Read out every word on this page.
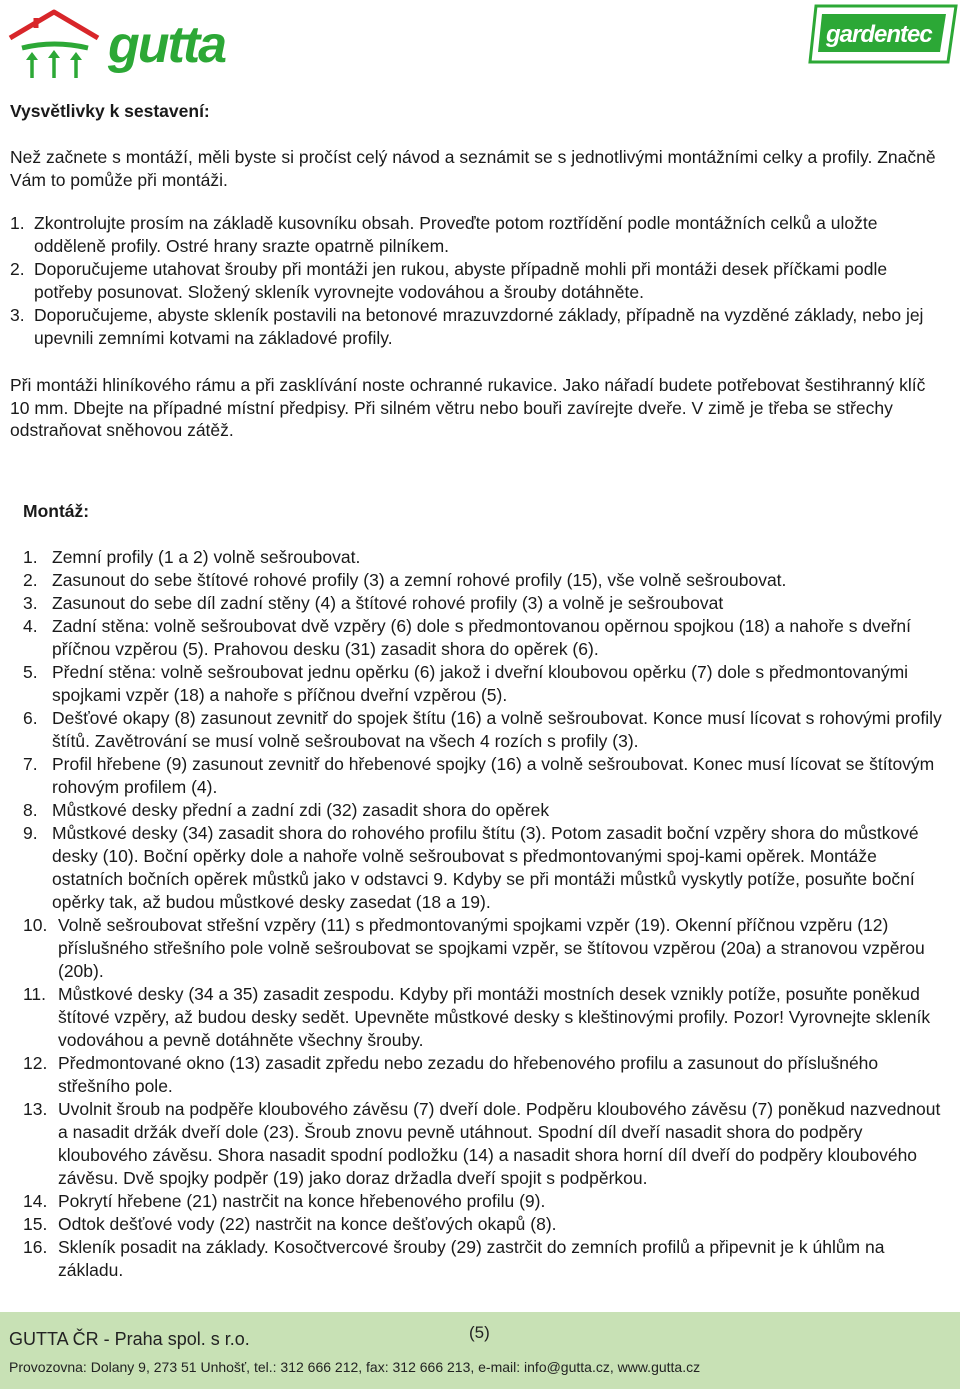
gutta	gardentec
Vysvětlivky k sestavení:
Než začnete s montáží, měli byste si pročíst celý návod a seznámit se s jednotlivými montážními celky a profily. Značně Vám to pomůže při montáži.
1. Zkontrolujte prosím na základě kusovníku obsah. Proveďte potom roztřídění podle montážních celků a uložte odděleně profily. Ostré hrany srazte opatrně pilníkem.
2. Doporučujeme utahovat šrouby při montáži jen rukou, abyste případně mohli při montáži desek příčkami podle potřeby posunovat. Složený skleník vyrovnejte vodováhou a šrouby dotáhněte.
3. Doporučujeme, abyste skleník postavili na betonové mrazuvzdorné základy, případně na vyzděné základy, nebo jej upevnili zemními kotvami na základové profily.
Při montáži hliníkového rámu a při zasklívání noste ochranné rukavice. Jako nářadí budete potřebovat šestihranný klíč 10 mm. Dbejte na případné místní předpisy. Při silném větru nebo bouři zavírejte dveře. V zimě je třeba se střechy odstraňovat sněhovou zátěž.
Montáž:
1. Zemní profily (1 a 2) volně sešroubovat.
2. Zasunout do sebe štítové rohové profily (3) a zemní rohové profily (15), vše volně sešroubovat.
3. Zasunout do sebe díl zadní stěny (4) a štítové rohové profily (3) a volně je sešroubovat
4. Zadní stěna: volně sešroubovat dvě vzpěry (6) dole s předmontovanou opěrnou spojkou (18) a nahoře s dveřní příčnou vzpěrou (5). Prahovou desku (31) zasadit shora do opěrek (6).
5. Přední stěna: volně sešroubovat jednu opěrku (6) jakož i dveřní kloubovou opěrku (7) dole s předmontovanými spojkami vzpěr (18) a nahoře s příčnou dveřní vzpěrou (5).
6. Dešťové okapy (8) zasunout zevnitř do spojek štítu (16) a volně sešroubovat. Konce musí lícovat s rohovými profily štítů. Zavětrování se musí volně sešroubovat na všech 4 rozích s profily (3).
7. Profil hřebene (9) zasunout zevnitř do hřebenové spojky (16) a volně sešroubovat. Konec musí lícovat se štítovým rohovým profilem (4).
8. Můstkové desky přední a zadní zdi (32) zasadit shora do opěrek
9. Můstkové desky (34) zasadit shora do rohového profilu štítu (3). Potom zasadit boční vzpěry shora do můstkové desky (10). Boční opěrky dole a nahoře volně sešroubovat s předmontovanými spoj-kami opěrek. Montáže ostatních bočních opěrek můstků jako v odstavci 9. Kdyby se při montáži můstků vyskytly potíže, posuňte boční opěrky tak, až budou můstkové desky zasedat (18 a 19).
10. Volně sešroubovat střešní vzpěry (11) s předmontovanými spojkami vzpěr (19). Okenní příčnou vzpěru (12) příslušného střešního pole volně sešroubovat se spojkami vzpěr, se štítovou vzpěrou (20a) a stranovou vzpěrou (20b).
11. Můstkové desky (34 a 35) zasadit zespodu. Kdyby při montáži mostních desek vznikly potíže, posuňte poněkud štítové vzpěry, až budou desky sedět. Upevněte můstkové desky s kleštinovými profily. Pozor! Vyrovnejte skleník vodováhou a pevně dotáhněte všechny šrouby.
12. Předmontované okno (13) zasadit zpředu nebo zezadu do hřebenového profilu a zasunout do příslušného střešního pole.
13. Uvolnit šroub na podpěře kloubového závěsu (7) dveří dole. Podpěru kloubového závěsu (7) poněkud nazvednout a nasadit držák dveří dole (23). Šroub znovu pevně utáhnout. Spodní díl dveří nasadit shora do podpěry kloubového závěsu. Shora nasadit spodní podložku (14) a nasadit shora horní díl dveří do podpěry kloubového závěsu. Dvě spojky podpěr (19) jako doraz držadla dveří spojit s podpěrkou.
14. Pokrytí hřebene (21) nastrčit na konce hřebenového profilu (9).
15. Odtok dešťové vody (22) nastrčit na konce dešťových okapů (8).
16. Skleník posadit na základy. Kosočtvercové šrouby (29) zastrčit do zemních profilů a připevnit je k úhlům na základu.
GUTTA ČR - Praha spol. s r.o.	(5)
Provozovna: Dolany 9, 273 51 Unhošť, tel.: 312 666 212, fax: 312 666 213, e-mail: info@gutta.cz, www.gutta.cz
